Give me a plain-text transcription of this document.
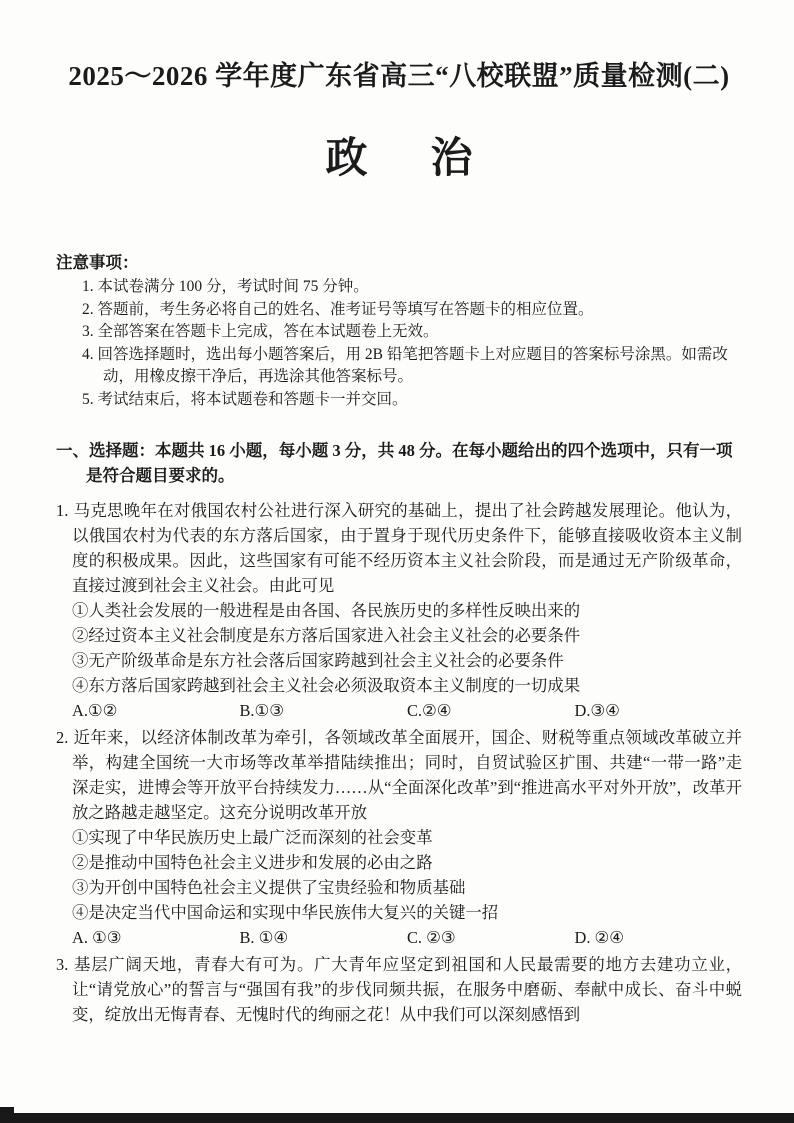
2025～2026 学年度广东省高三“八校联盟”质量检测(二)
政治
注意事项：

1. 本试卷满分 100 分，考试时间 75 分钟。

2. 答题前，考生务必将自己的姓名、准考证号等填写在答题卡的相应位置。

3. 全部答案在答题卡上完成，答在本试题卷上无效。

4. 回答选择题时，选出每小题答案后，用 2B 铅笔把答题卡上对应题目的答案标号涂黑。如需改动，用橡皮擦干净后，再选涂其他答案标号。

5. 考试结束后，将本试题卷和答题卡一并交回。

一、选择题：本题共 16 小题，每小题 3 分，共 48 分。在每小题给出的四个选项中，只有一项是符合题目要求的。

1. 马克思晚年在对俄国农村公社进行深入研究的基础上，提出了社会跨越发展理论。他认为，以俄国农村为代表的东方落后国家，由于置身于现代历史条件下，能够直接吸收资本主义制度的积极成果。因此，这些国家有可能不经历资本主义社会阶段，而是通过无产阶级革命，直接过渡到社会主义社会。由此可见

①人类社会发展的一般进程是由各国、各民族历史的多样性反映出来的

②经过资本主义社会制度是东方落后国家进入社会主义社会的必要条件

③无产阶级革命是东方社会落后国家跨越到社会主义社会的必要条件

④东方落后国家跨越到社会主义社会必须汲取资本主义制度的一切成果

A.①②	B.①③	C.②④	D.③④

2. 近年来，以经济体制改革为牵引，各领域改革全面展开，国企、财税等重点领域改革破立并举，构建全国统一大市场等改革举措陆续推出；同时，自贸试验区扩围、共建“一带一路”走深走实，进博会等开放平台持续发力……从“全面深化改革”到“推进高水平对外开放”，改革开放之路越走越坚定。这充分说明改革开放

①实现了中华民族历史上最广泛而深刻的社会变革

②是推动中国特色社会主义进步和发展的必由之路

③为开创中国特色社会主义提供了宝贵经验和物质基础

④是决定当代中国命运和实现中华民族伟大复兴的关键一招

A. ①③	B. ①④	C. ②③	D. ②④

3. 基层广阔天地，青春大有可为。广大青年应坚定到祖国和人民最需要的地方去建功立业，让“请党放心”的誓言与“强国有我”的步伐同频共振，在服务中磨砺、奉献中成长、奋斗中蜕变，绽放出无悔青春、无愧时代的绚丽之花！从中我们可以深刻感悟到
